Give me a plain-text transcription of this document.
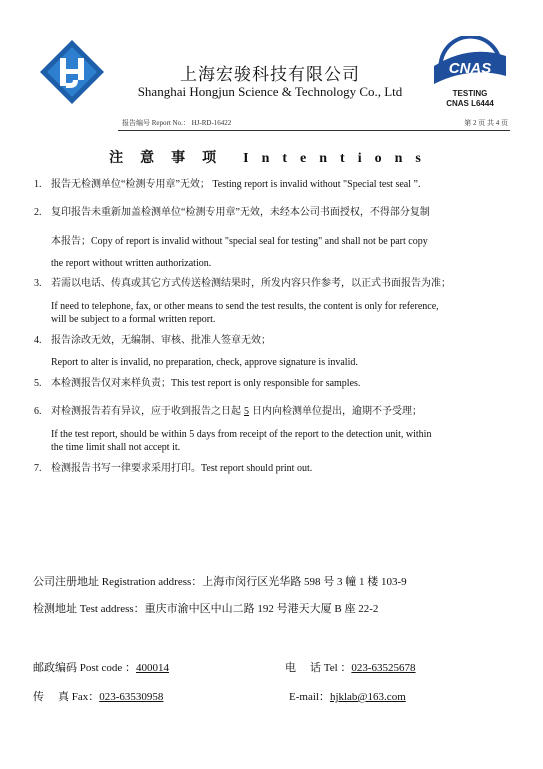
上海宏骏科技有限公司
Shanghai Hongjun Science & Technology Co., Ltd
CNAS
TESTING
CNAS L6444
报告编号 Report No.： HJ-RD-16422	第 2 页 共 4 页
注意事项 Intentions
1. 报告无检测单位“检测专用章”无效； Testing report is invalid without "Special test seal ”.
2. 复印报告未重新加盖检测单位“检测专用章”无效，未经本公司书面授权，不得部分复制
本报告；Copy of report is invalid without "special seal for testing" and shall not be part copy
the report without written authorization.
3. 若需以电话、传真或其它方式传送检测结果时，所发内容只作参考，以正式书面报告为准；
If need to telephone, fax, or other means to send the test results, the content is only for reference,
will be subject to a formal written report.
4. 报告涂改无效，无编制、审核、批准人签章无效；
Report to alter is invalid, no preparation, check, approve signature is invalid.
5. 本检测报告仅对来样负责；This test report is only responsible for samples.
6. 对检测报告若有异议，应于收到报告之日起 5 日内向检测单位提出，逾期不予受理；
If the test report, should be within 5 days from receipt of the report to the detection unit, within
the time limit shall not accept it.
7. 检测报告书写一律要求采用打印。Test report should print out.
公司注册地址 Registration address：上海市闵行区光华路 598 号 3 幢 1 楼 103-9
检测地址 Test address：重庆市渝中区中山二路 192 号港天大厦 B 座 22-2
邮政编码 Post code ：400014	电话 Tel ：023-63525678
传真 Fax：023-63530958	E-mail：hjklab@163.com
